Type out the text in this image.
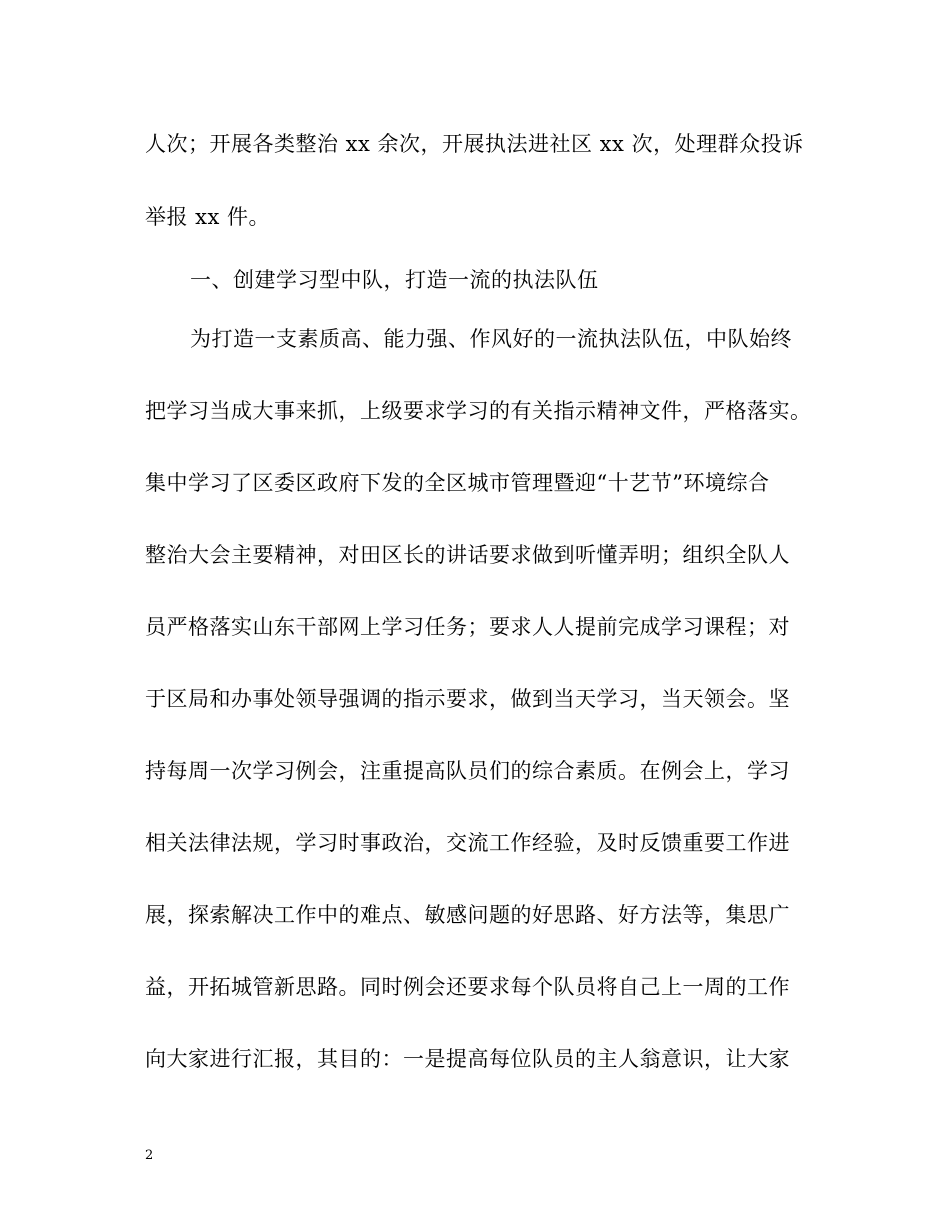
人次；开展各类整治 xx 余次，开展执法进社区 xx 次，处理群众投诉
举报 xx 件。
一、创建学习型中队，打造一流的执法队伍
为打造一支素质高、能力强、作风好的一流执法队伍，中队始终
把学习当成大事来抓，上级要求学习的有关指示精神文件，严格落实。
集中学习了区委区政府下发的全区城市管理暨迎“十艺节”环境综合
整治大会主要精神，对田区长的讲话要求做到听懂弄明；组织全队人
员严格落实山东干部网上学习任务；要求人人提前完成学习课程；对
于区局和办事处领导强调的指示要求，做到当天学习，当天领会。坚
持每周一次学习例会，注重提高队员们的综合素质。在例会上，学习
相关法律法规，学习时事政治，交流工作经验，及时反馈重要工作进
展，探索解决工作中的难点、敏感问题的好思路、好方法等，集思广
益，开拓城管新思路。同时例会还要求每个队员将自己上一周的工作
向大家进行汇报，其目的：一是提高每位队员的主人翁意识，让大家
2
